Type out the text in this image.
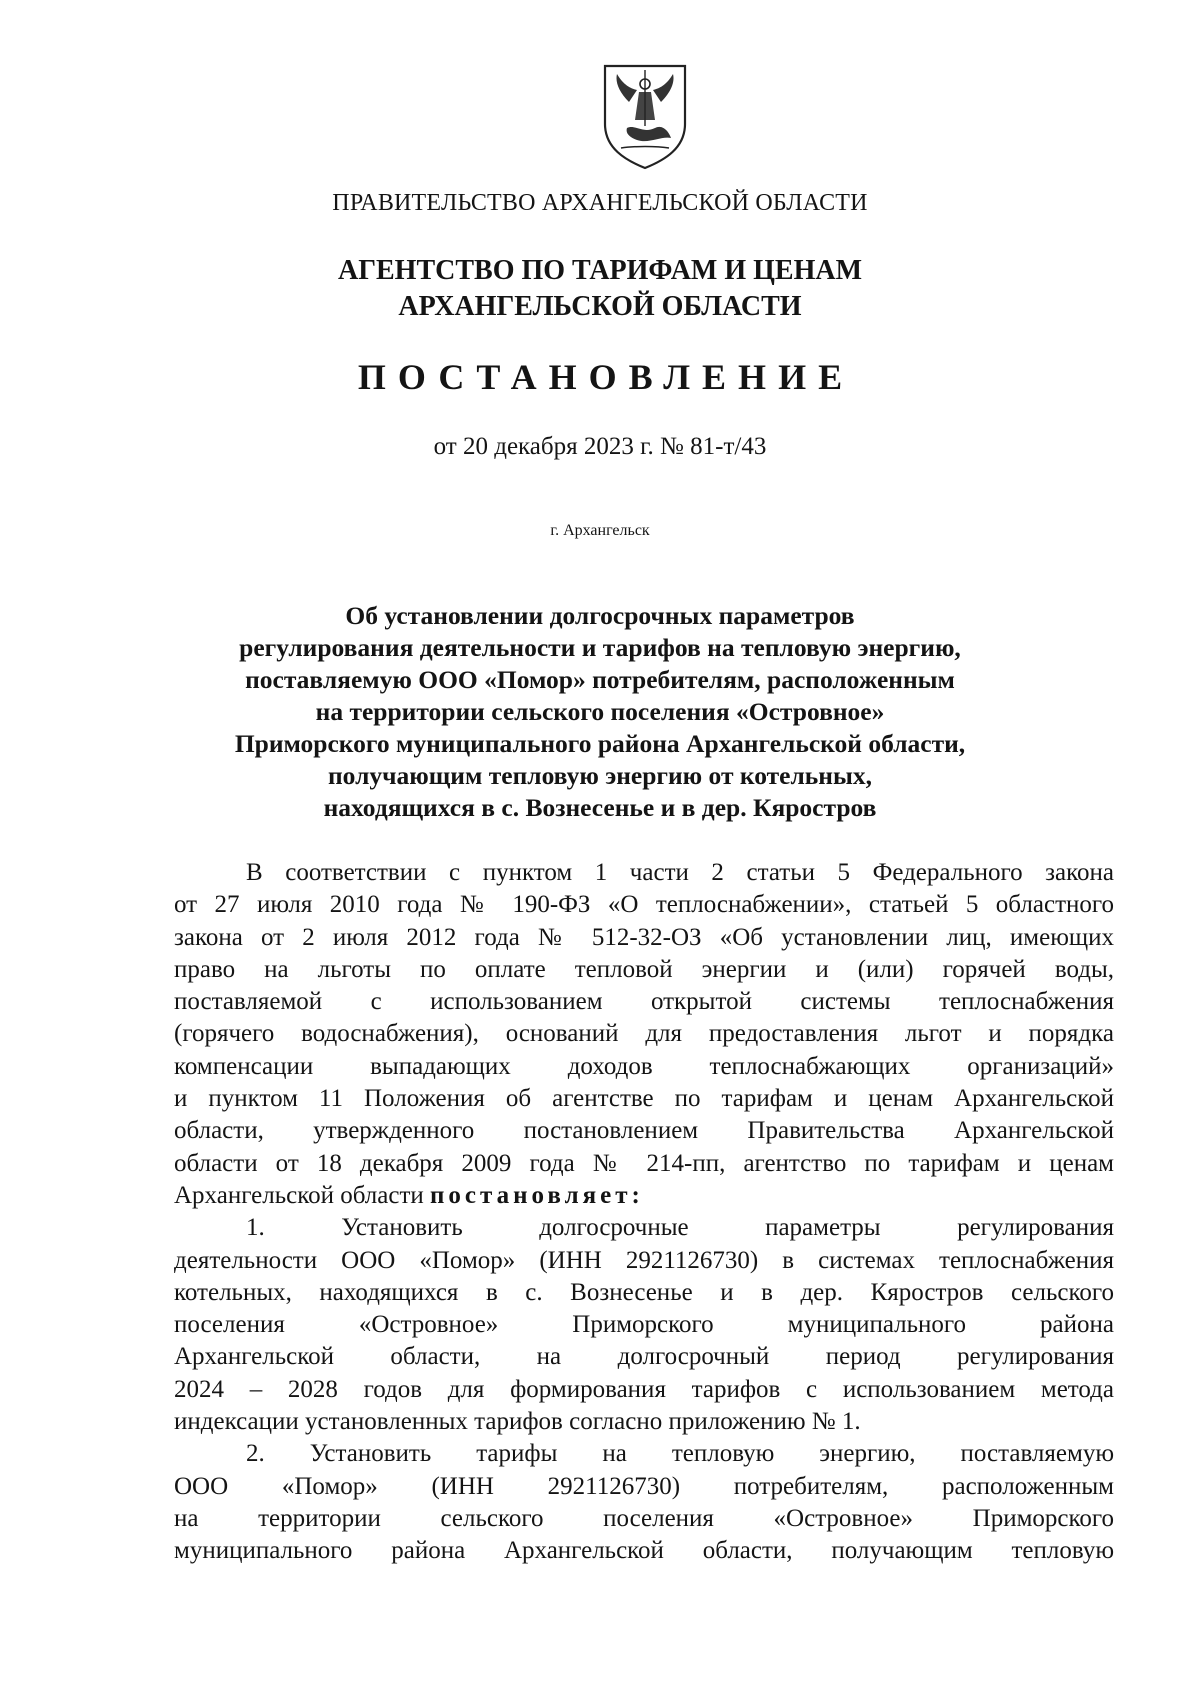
ПРАВИТЕЛЬСТВО АРХАНГЕЛЬСКОЙ ОБЛАСТИ
АГЕНТСТВО ПО ТАРИФАМ И ЦЕНАМ
АРХАНГЕЛЬСКОЙ ОБЛАСТИ
ПОСТАНОВЛЕНИЕ
от 20 декабря 2023 г. № 81-т/43
г. Архангельск
Об установлении долгосрочных параметров
регулирования деятельности и тарифов на тепловую энергию,
поставляемую ООО «Помор» потребителям, расположенным
на территории сельского поселения «Островное»
Приморского муниципального района Архангельской области,
получающим тепловую энергию от котельных,
находящихся в с. Вознесенье и в дер. Кяростров
В соответствии с пунктом 1 части 2 статьи 5 Федерального закона
от 27 июля 2010 года № 190-ФЗ «О теплоснабжении», статьей 5 областного
закона от 2 июля 2012 года № 512-32-ОЗ «Об установлении лиц, имеющих
право на льготы по оплате тепловой энергии и (или) горячей воды,
поставляемой с использованием открытой системы теплоснабжения
(горячего водоснабжения), оснований для предоставления льгот и порядка
компенсации выпадающих доходов теплоснабжающих организаций»
и пунктом 11 Положения об агентстве по тарифам и ценам Архангельской
области, утвержденного постановлением Правительства Архангельской
области от 18 декабря 2009 года № 214-пп, агентство по тарифам и ценам
Архангельской области постановляет:
1. Установить долгосрочные параметры регулирования
деятельности ООО «Помор» (ИНН 2921126730) в системах теплоснабжения
котельных, находящихся в с. Вознесенье и в дер. Кяростров сельского
поселения «Островное» Приморского муниципального района
Архангельской области, на долгосрочный период регулирования
2024 – 2028 годов для формирования тарифов с использованием метода
индексации установленных тарифов согласно приложению № 1.
2. Установить тарифы на тепловую энергию, поставляемую
ООО «Помор» (ИНН 2921126730) потребителям, расположенным
на территории сельского поселения «Островное» Приморского
муниципального района Архангельской области, получающим тепловую
